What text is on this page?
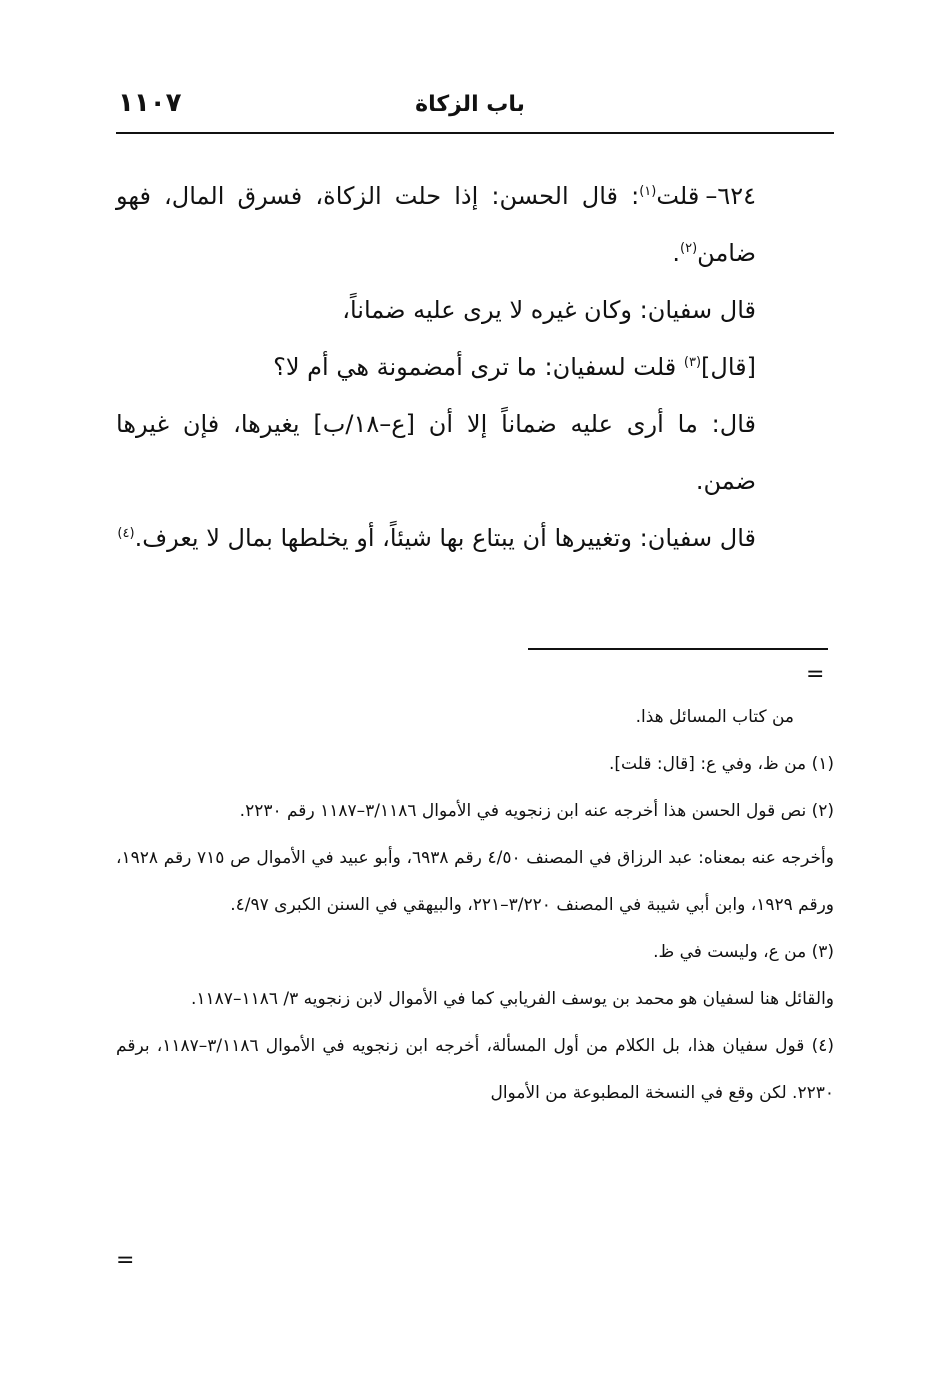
١١٠٧	باب الزكاة

٦٢٤–قلت$^{(١)}$: قال الحسن: إذا حلت الزكاة، فسرق المال، فهو ضامن$^{(٢)}$.

قال سفيان: وكان غيره لا يرى عليه ضماناً،

[قال]$^{(٣)}$ قلت لسفيان: ما ترى أمضمونة هي أم لا؟

قال: ما أرى عليه ضماناً إلا أن [ع–١٨/ب] يغيرها، فإن غيرها ضمن.

قال سفيان: وتغييرها أن يبتاع بها شيئاً، أو يخلطها بمال لا يعرف.$^{(٤)}$

=

من كتاب المسائل هذا.

(١) من ظ، وفي ع: [قال: قلت].

(٢) نص قول الحسن هذا أخرجه عنه ابن زنجويه في الأموال ٣/١١٨٦–١١٨٧ رقم ٢٢٣٠.

وأخرجه عنه بمعناه: عبد الرزاق في المصنف ٤/٥٠ رقم ٦٩٣٨، وأبو عبيد في الأموال ص ٧١٥ رقم ١٩٢٨، ورقم ١٩٢٩، وابن أبي شيبة في المصنف ٣/٢٢٠–٢٢١، والبيهقي في السنن الكبرى ٤/٩٧.

(٣) من ع، وليست في ظ.

والقائل هنا لسفيان هو محمد بن يوسف الفريابي كما في الأموال لابن زنجويه ٣/ ١١٨٦–١١٨٧.

(٤) قول سفيان هذا، بل الكلام من أول المسألة، أخرجه ابن زنجويه في الأموال ٣/١١٨٦–١١٨٧، برقم ٢٢٣٠. لكن وقع في النسخة المطبوعة من الأموال

=
